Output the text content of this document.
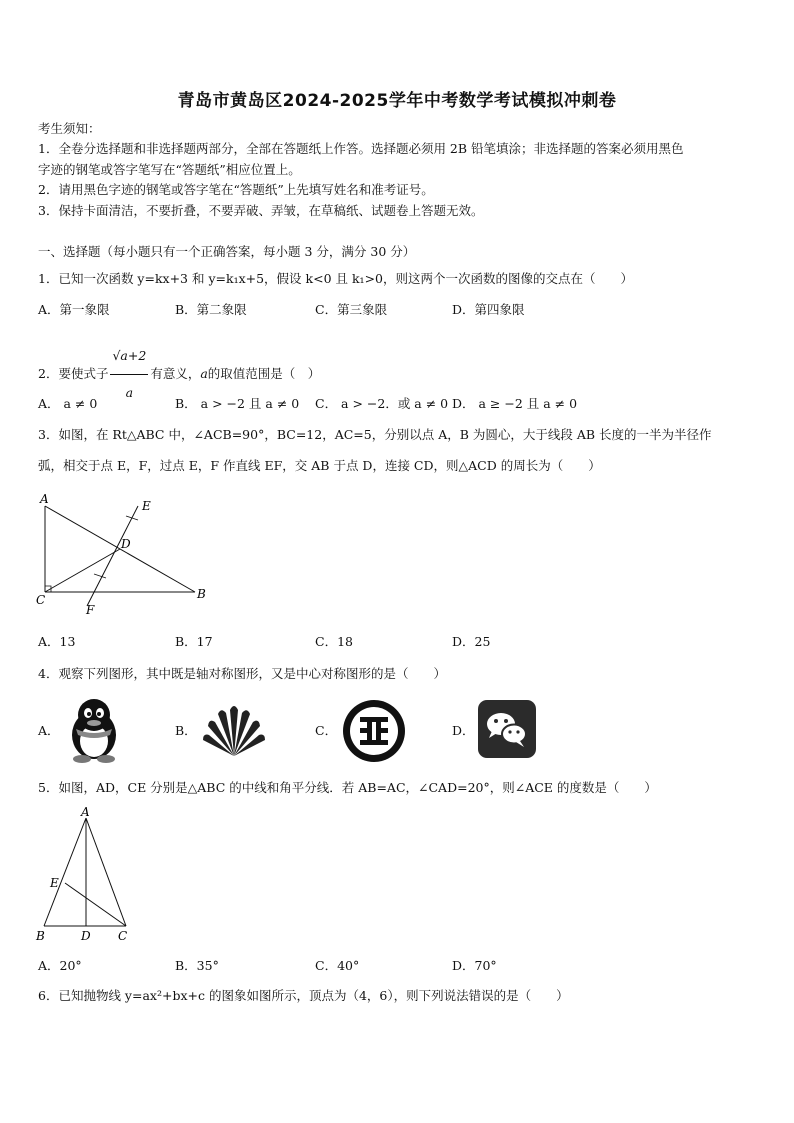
青岛市黄岛区2024-2025学年中考数学考试模拟冲刺卷
考生须知：
1．全卷分选择题和非选择题两部分，全部在答题纸上作答。选择题必须用 2B 铅笔填涂；非选择题的答案必须用黑色
字迹的钢笔或答字笔写在“答题纸”相应位置上。
2．请用黑色字迹的钢笔或答字笔在“答题纸”上先填写姓名和准考证号。
3．保持卡面清洁，不要折叠，不要弄破、弄皱，在草稿纸、试题卷上答题无效。
一、选择题（每小题只有一个正确答案，每小题 3 分，满分 30 分）
1．已知一次函数 y=kx+3 和 y=k₁x+5，假设 k<0 且 k₁>0，则这两个一次函数的图像的交点在（　　）
A．第一象限	B．第二象限	C．第三象限	D．第四象限
2．要使式子 $\frac{√a+2}{a}$ 有意义，a的取值范围是（　）
A． a ≠ 0	B． a > −2 且 a ≠ 0 C． a > −2．或 a ≠ 0 D． a ≥ −2 且 a ≠ 0
3．如图，在 Rt△ABC 中，∠ACB=90°，BC=12，AC=5，分别以点 A，B 为圆心，大于线段 AB 长度的一半为半径作
弧，相交于点 E，F，过点 E，F 作直线 EF，交 AB 于点 D，连接 CD，则△ACD 的周长为（　　）
A
B
C
D
E
F
A．13	B．17	C．18	D．25
4．观察下列图形，其中既是轴对称图形，又是中心对称图形的是（　　）
A．	B．	C．	D．
5．如图，AD，CE 分别是△ABC 的中线和角平分线．若 AB=AC，∠CAD=20°，则∠ACE 的度数是（　　）
A
B	D C
E
A．20°	B．35°	C．40°	D．70°
6．已知抛物线 y=ax²+bx+c 的图象如图所示，顶点为（4，6），则下列说法错误的是（　　）
